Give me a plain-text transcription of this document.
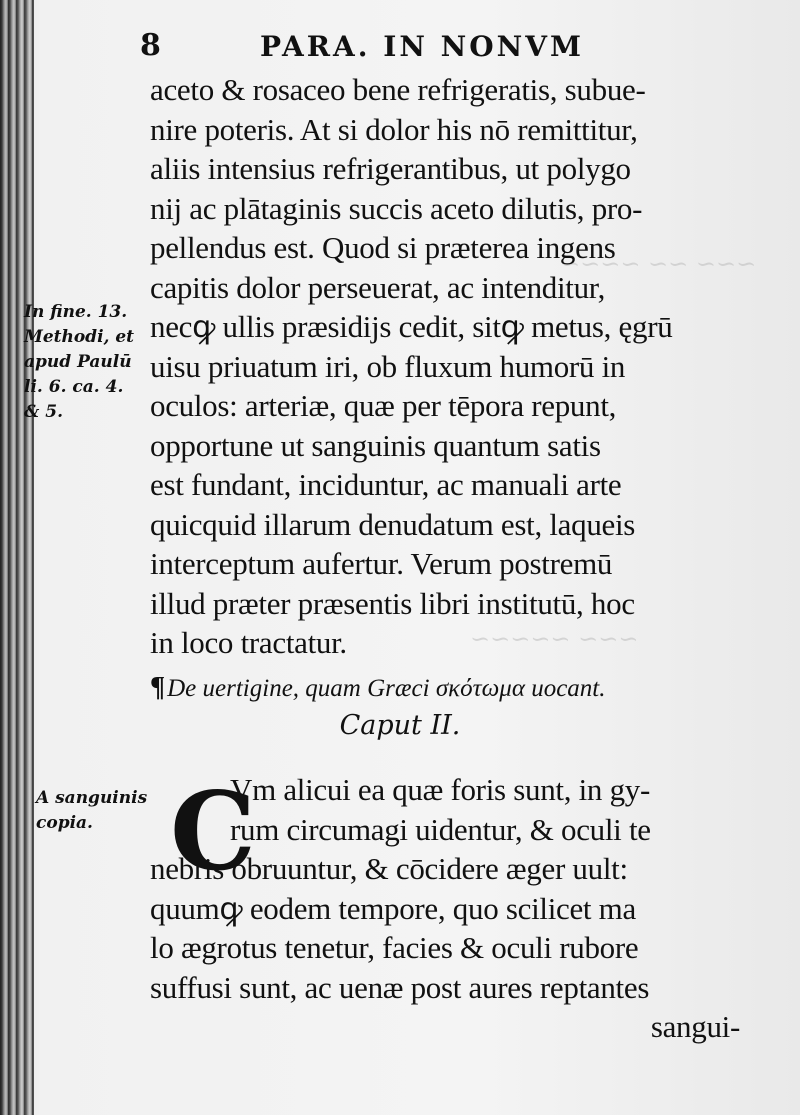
~~~ ~~ ~~~~
~~~ ~~~~~
8	PARA. IN NONVM
aceto & rosaceo bene refrigeratis, subue-
nire poteris. At si dolor his nō remittitur,
aliis intensius refrigerantibus, ut polygo
nij ac plātaginis succis aceto dilutis, pro-
pellendus est. Quod si præterea ingens
capitis dolor perseuerat, ac intenditur,
necꝙ ullis præsidijs cedit, sitꝙ metus, ęgrū
uisu priuatum iri, ob fluxum humorū in
oculos: arteriæ, quæ per tēpora repunt,
opportune ut sanguinis quantum satis
est fundant, inciduntur, ac manuali arte
quicquid illarum denudatum est, laqueis
interceptum aufertur. Verum postremū
illud præter præsentis libri institutū, hoc
in loco tractatur.
In fine. 13.
Methodi, et
apud Paulū
li. 6. ca. 4.
& 5.
¶De uertigine, quam Græci σκότωμα uocant.
Caput II.
A sanguinis
copia. C
Vm alicui ea quæ foris sunt, in gy-
rum circumagi uidentur, & oculi te
nebris obruuntur, & cōcidere æger uult:
quumꝙ eodem tempore, quo scilicet ma
lo ægrotus tenetur, facies & oculi rubore
suffusi sunt, ac uenæ post aures reptantes
sangui-
